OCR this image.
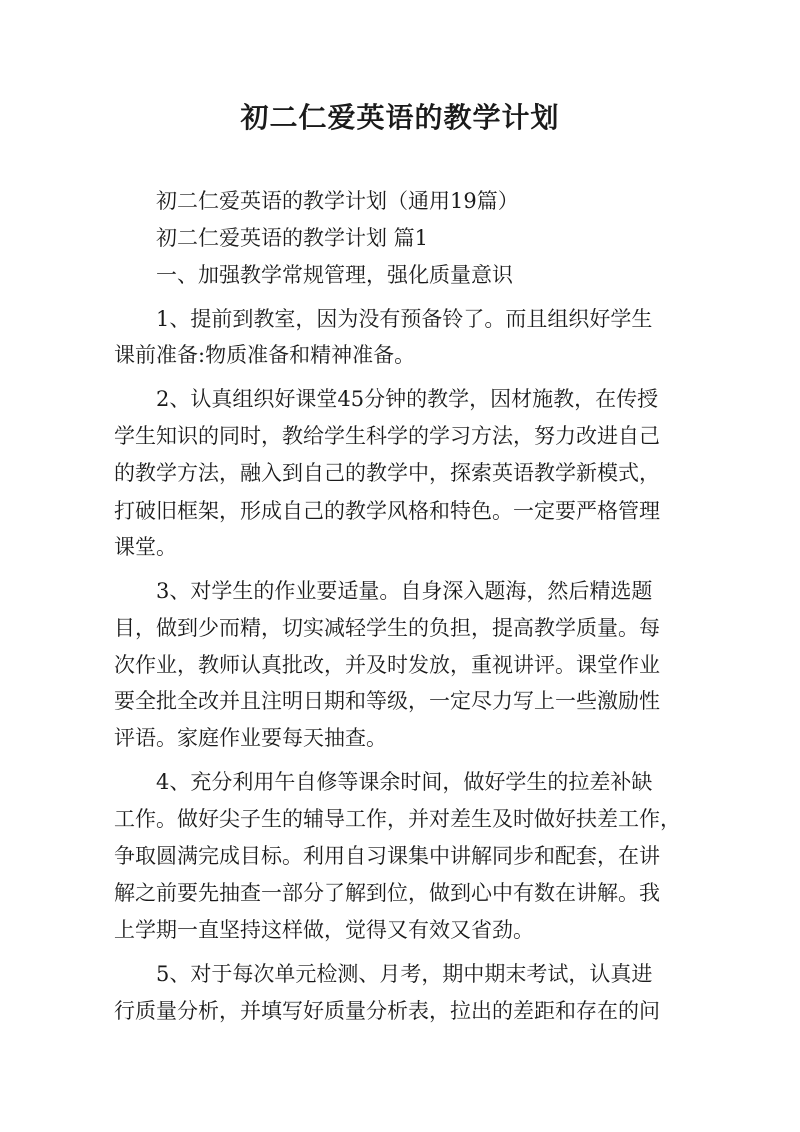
初二仁爱英语的教学计划
初二仁爱英语的教学计划（通用19篇）
初二仁爱英语的教学计划 篇1
一、加强教学常规管理，强化质量意识
1、提前到教室，因为没有预备铃了。而且组织好学生
课前准备:物质准备和精神准备。
2、认真组织好课堂45分钟的教学，因材施教，在传授
学生知识的同时，教给学生科学的学习方法，努力改进自己
的教学方法，融入到自己的教学中，探索英语教学新模式，
打破旧框架，形成自己的教学风格和特色。一定要严格管理
课堂。
3、对学生的作业要适量。自身深入题海，然后精选题
目，做到少而精，切实减轻学生的负担，提高教学质量。每
次作业，教师认真批改，并及时发放，重视讲评。课堂作业
要全批全改并且注明日期和等级，一定尽力写上一些激励性
评语。家庭作业要每天抽查。
4、充分利用午自修等课余时间，做好学生的拉差补缺
工作。做好尖子生的辅导工作，并对差生及时做好扶差工作，
争取圆满完成目标。利用自习课集中讲解同步和配套，在讲
解之前要先抽查一部分了解到位，做到心中有数在讲解。我
上学期一直坚持这样做，觉得又有效又省劲。
5、对于每次单元检测、月考，期中期末考试，认真进
行质量分析，并填写好质量分析表，拉出的差距和存在的问
